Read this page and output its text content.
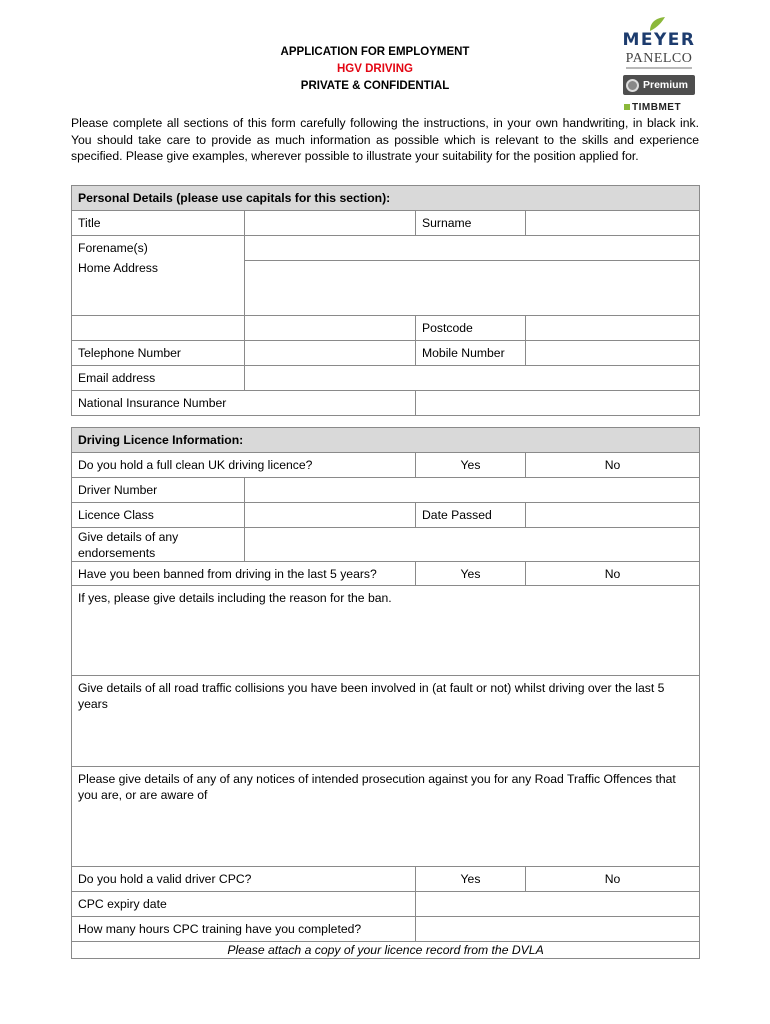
APPLICATION FOR EMPLOYMENT
HGV DRIVING
PRIVATE & CONFIDENTIAL
MEYER
PANELCO
Premium
TIMBMET

Please complete all sections of this form carefully following the instructions, in your own handwriting, in black ink. You should take care to provide as much information as possible which is relevant to the skills and experience specified. Please give examples, wherever possible to illustrate your suitability for the position applied for.

Personal Details (please use capitals for this section):			
Title		Surname	

Forename(s)
Home Address			

		Postcode	
Telephone Number		Mobile Number	
Email address			
National Insurance Number			
Driving Licence Information:			
Do you hold a full clean UK driving licence?		Yes	No
Driver Number			
Licence Class		Date Passed	
Give details of any endorsements			
Have you been banned from driving in the last 5 years?		Yes	No
If yes, please give details including the reason for the ban.			
Give details of all road traffic collisions you have been involved in (at fault or not) whilst driving over the last 5 years			
Please give details of any of any notices of intended prosecution against you for any Road Traffic Offences that you are, or are aware of			
Do you hold a valid driver CPC?		Yes	No
CPC expiry date			
How many hours CPC training have you completed?			
Please attach a copy of your licence record from the DVLA			
